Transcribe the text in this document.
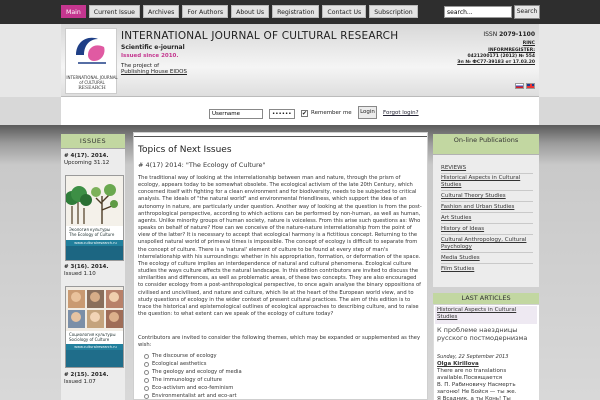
Main	Current Issue	Archives	For Authors	About Us	Registration	Contact Us	Subscription
search...	Search
INTERNATIONAL JOURNAL
of CULTURAL
RESEARCH
INTERNATIONAL JOURNAL OF CULTURAL RESEARCH
Scientific e-journal
Issued since 2010.
The project of
Publishing House EIDOS
ISSN 2079-1100
RINC
INFORMREGISTER:
0421200171 (2012) № 554
Эл № ФС77-39183 от 17.03.20
Username
••••••••
✔ Remember me	Login	Forgot login?
ISSUES
# 4(17). 2014.
Upcoming 31.12
Экология культуры
The Ecology of Culture
www.culturalresearch.ru
# 3(16). 2014.
Issued 1.10
Социология культуры
Sociology of Culture
www.culturalresearch.ru
# 2(15). 2014.
Issued 1.07
Topics of Next Issues
# 4(17) 2014: "The Ecology of Culture"
The traditional way of looking at the interrelationship between man and nature, through the prism of ecology, appears today to be somewhat obsolete. The ecological activism of the late 20th Century, which concerned itself with fighting for a clean environment and for biodiversity, needs to be subjected to critical analysis. The ideals of "the natural world" and environmental friendliness, which support the idea of an autonomy in nature, are particularly under question. Another way of looking at the question is from the post-anthropological perspective, according to which actions can be performed by non-human, as well as human, agents. Unlike minority groups of human society, nature is voiceless. From this arise such questions as: Who speaks on behalf of nature? How can we conceive of the nature-nature interrelationship from the point of view of the latter? It is necessary to accept that ecological harmony is a fictitious concept. Returning to the unspoiled natural world of primeval times is impossible. The concept of ecology is difficult to separate from the concept of culture. There is a 'natural' element of culture to be found at every step of man's interrelationship with his surroundings: whether in his appropriation, formation, or deformation of the space. The ecology of culture implies an interdependence of natural and cultural phenomena. Ecological culture studies the ways culture affects the natural landscape. In this edition contributors are invited to discuss the similarities and differences, as well as problematic areas, of these two concepts. They are also encouraged to consider ecology from a post-anthropological perspective, to once again analyse the binary oppositions of civilised and uncivilised, and nature and culture, which lie at the heart of the European world view, and to study questions of ecology in the wider context of present cultural practices. The aim of this edition is to trace the historical and epistemological outlines of ecological approaches to describing culture, and to raise the question: to what extent can we speak of the ecology of culture today?
Contributors are invited to consider the following themes, which may be expanded or supplemented as they wish:
The discourse of ecology
Ecological aesthetics
The geology and ecology of media
The immunology of culture
Eco-activism and eco-feminism
Environmentalist art and eco-art
On-line Publications
REVIEWS
Historical Aspects in Cultural Studies
Cultural Theory Studies
Fashion and Urban Studies
Art Studies
History of Ideas
Cultural Anthropology, Cultural Psychology
Media Studies
Film Studies
LAST ARTICLES
Historical Aspects in Cultural Studies
К проблеме наездницы русского постмодернизма
Sunday, 22 September 2013
Olga Kirillova
There are no translations
available.Посвящается
В. П. Рабиновичу Насмерть
загоню! Не Бойся — ты же.
Я Всадник, а ты Конь! Ты
